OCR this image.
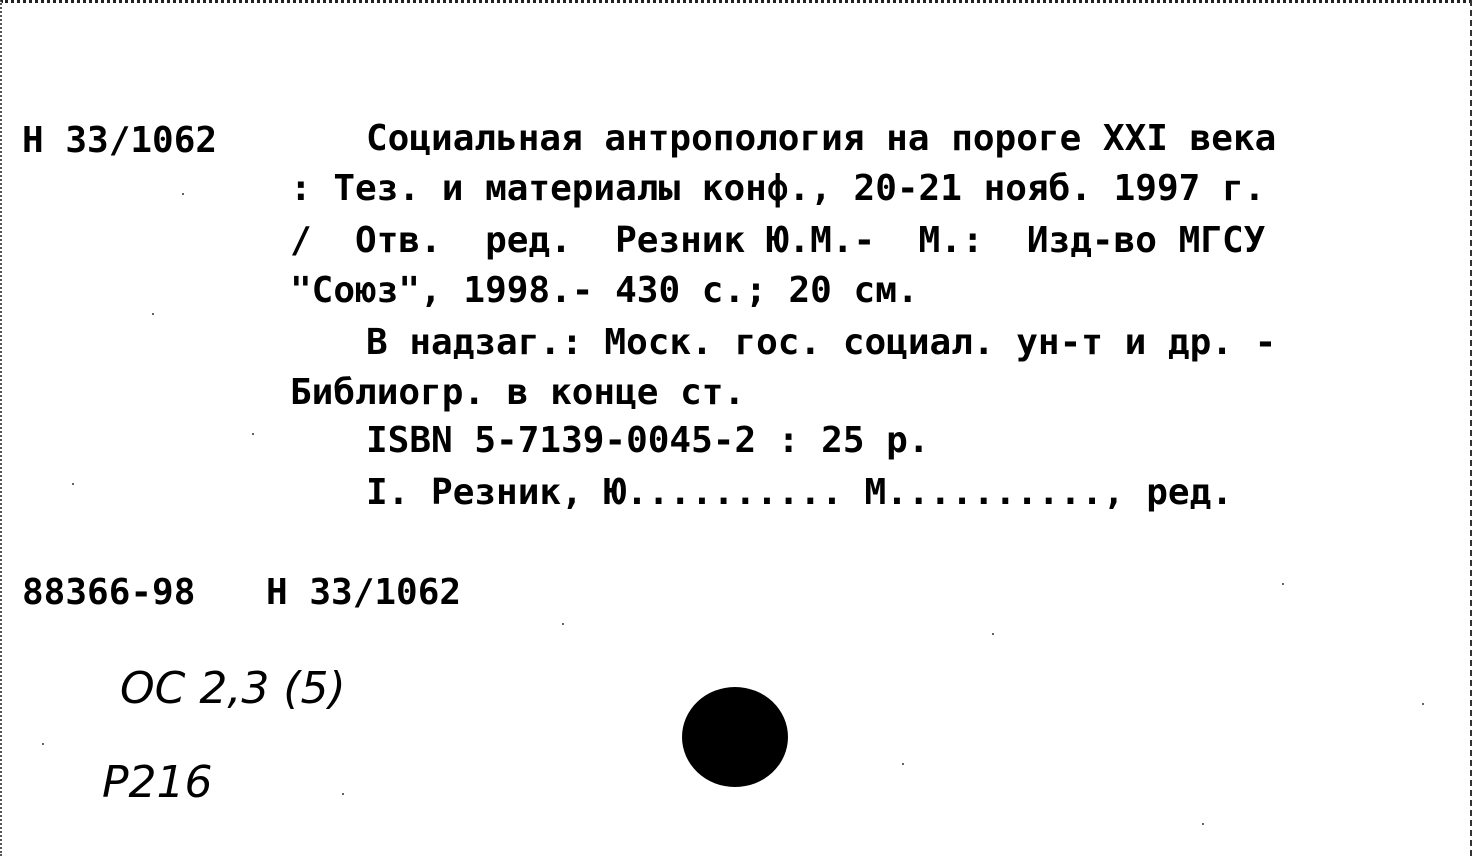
Н 33/1062	Социальная антропология на пороге XXI века
: Тез. и материалы конф., 20-21 нояб. 1997 г.
/  Отв.  ред.  Резник Ю.М.-  М.:  Изд-во МГСУ
"Союз", 1998.- 430 с.; 20 см.
В надзаг.: Моск. гос. социал. ун-т и др. -
Библиогр. в конце ст.
ISBN 5-7139-0045-2 : 25 р.
I. Резник, Ю.......... М.........., ред.
88366-98 Н 33/1062
ОС 2,3 (5)
Р216
